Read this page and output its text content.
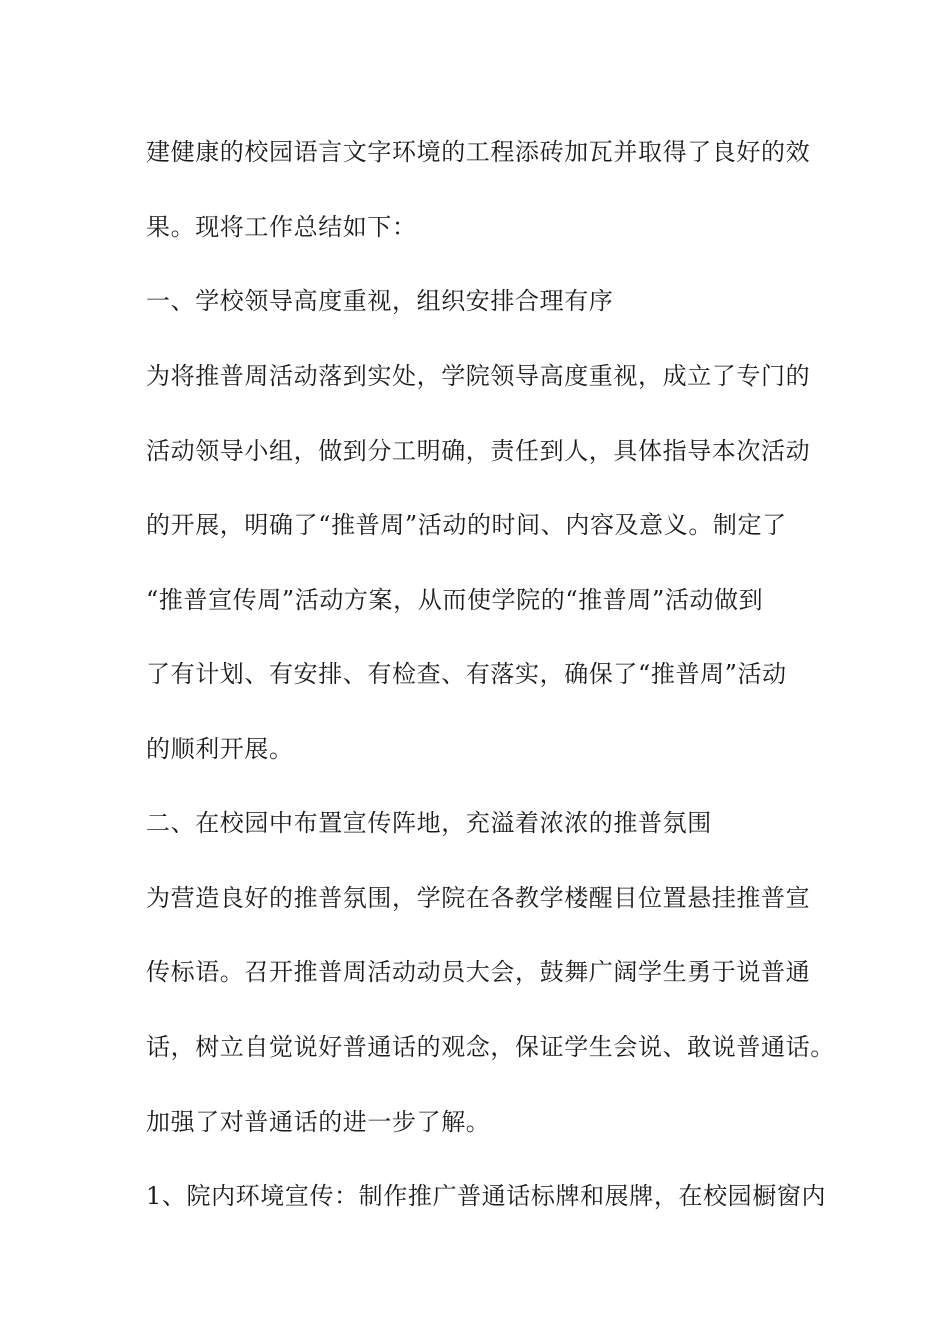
建健康的校园语言文字环境的工程添砖加瓦并取得了良好的效
果。现将工作总结如下：
一、学校领导高度重视，组织安排合理有序
为将推普周活动落到实处，学院领导高度重视，成立了专门的
活动领导小组，做到分工明确，责任到人，具体指导本次活动
的开展，明确了“推普周”活动的时间、内容及意义。制定了
“推普宣传周”活动方案，从而使学院的“推普周”活动做到
了有计划、有安排、有检查、有落实，确保了“推普周”活动
的顺利开展。
二、在校园中布置宣传阵地，充溢着浓浓的推普氛围
为营造良好的推普氛围，学院在各教学楼醒目位置悬挂推普宣
传标语。召开推普周活动动员大会，鼓舞广阔学生勇于说普通
话，树立自觉说好普通话的观念，保证学生会说、敢说普通话。
加强了对普通话的进一步了解。
1、院内环境宣传：制作推广普通话标牌和展牌，在校园橱窗内
